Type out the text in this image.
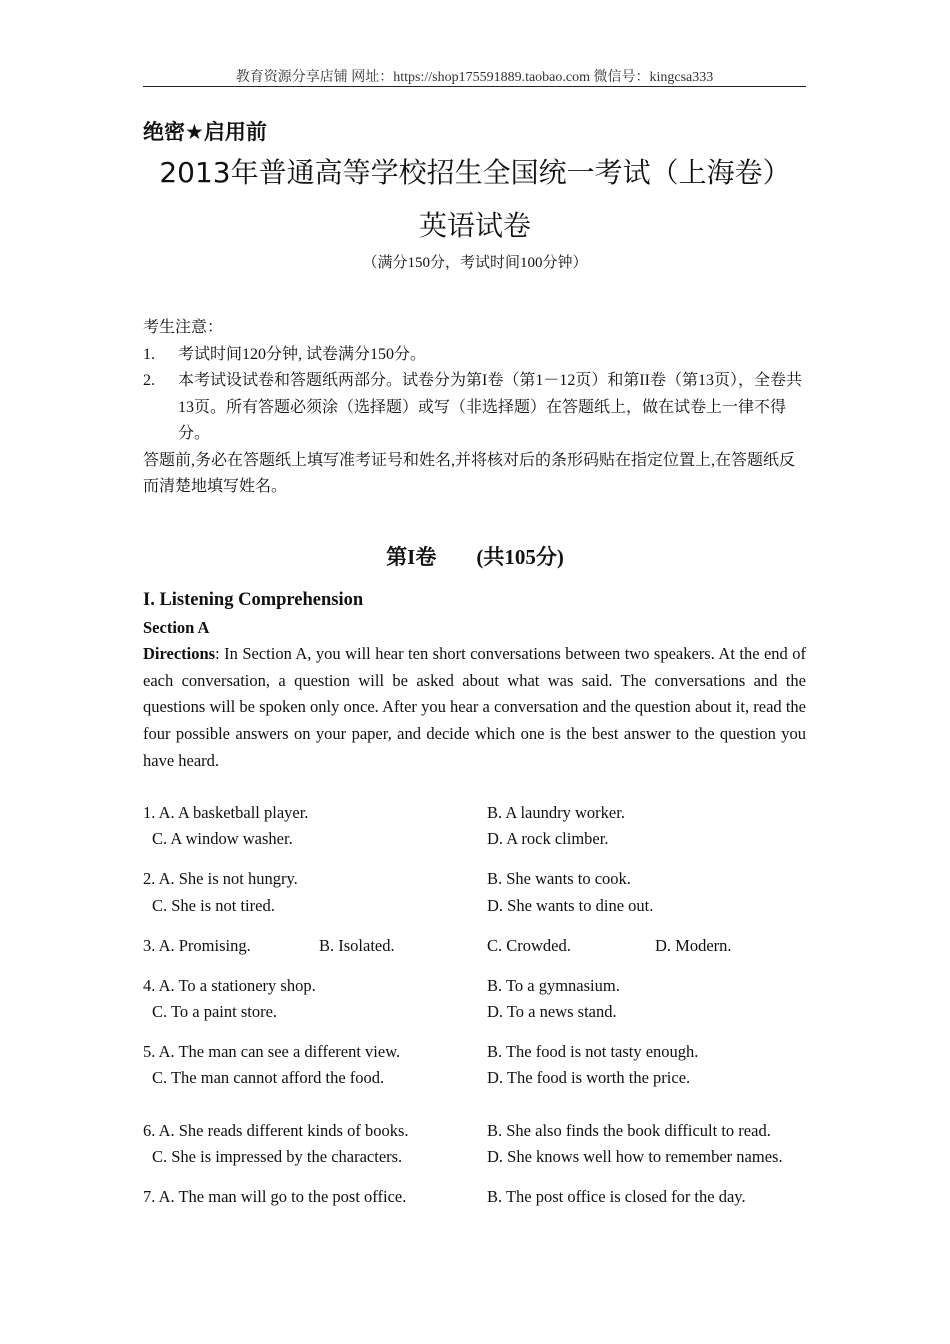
教育资源分享店铺 网址：https://shop175591889.taobao.com 微信号：kingcsa333
绝密★启用前
2013年普通高等学校招生全国统一考试（上海卷）
英语试卷
（满分150分，考试时间100分钟）
考生注意：
1.	考试时间120分钟, 试卷满分150分。
2.	本考试设试卷和答题纸两部分。试卷分为第I卷（第1－12页）和第II卷（第13页），全卷共13页。所有答题必须涂（选择题）或写（非选择题）在答题纸上，做在试卷上一律不得分。
答题前,务必在答题纸上填写准考证号和姓名,并将核对后的条形码贴在指定位置上,在答题纸反而清楚地填写姓名。
第I卷 (共105分)
I. Listening Comprehension
Section A
Directions: In Section A, you will hear ten short conversations between two speakers. At the end of each conversation, a question will be asked about what was said. The conversations and the questions will be spoken only once. After you hear a conversation and the question about it, read the four possible answers on your paper, and decide which one is the best answer to the question you have heard.
1. A. A basketball player.	B. A laundry worker.
C. A window washer.	D. A rock climber.
2. A. She is not hungry.	B. She wants to cook.
C. She is not tired.	D. She wants to dine out.
3. A. Promising.	B. Isolated.	C. Crowded.	D. Modern.
4. A. To a stationery shop.	B. To a gymnasium.
C. To a paint store.	D. To a news stand.
5. A. The man can see a different view.	B. The food is not tasty enough.
C. The man cannot afford the food.	D. The food is worth the price.
6. A. She reads different kinds of books.	B. She also finds the book difficult to read.
C. She is impressed by the characters.	D. She knows well how to remember names.
7. A. The man will go to the post office.	B. The post office is closed for the day.
